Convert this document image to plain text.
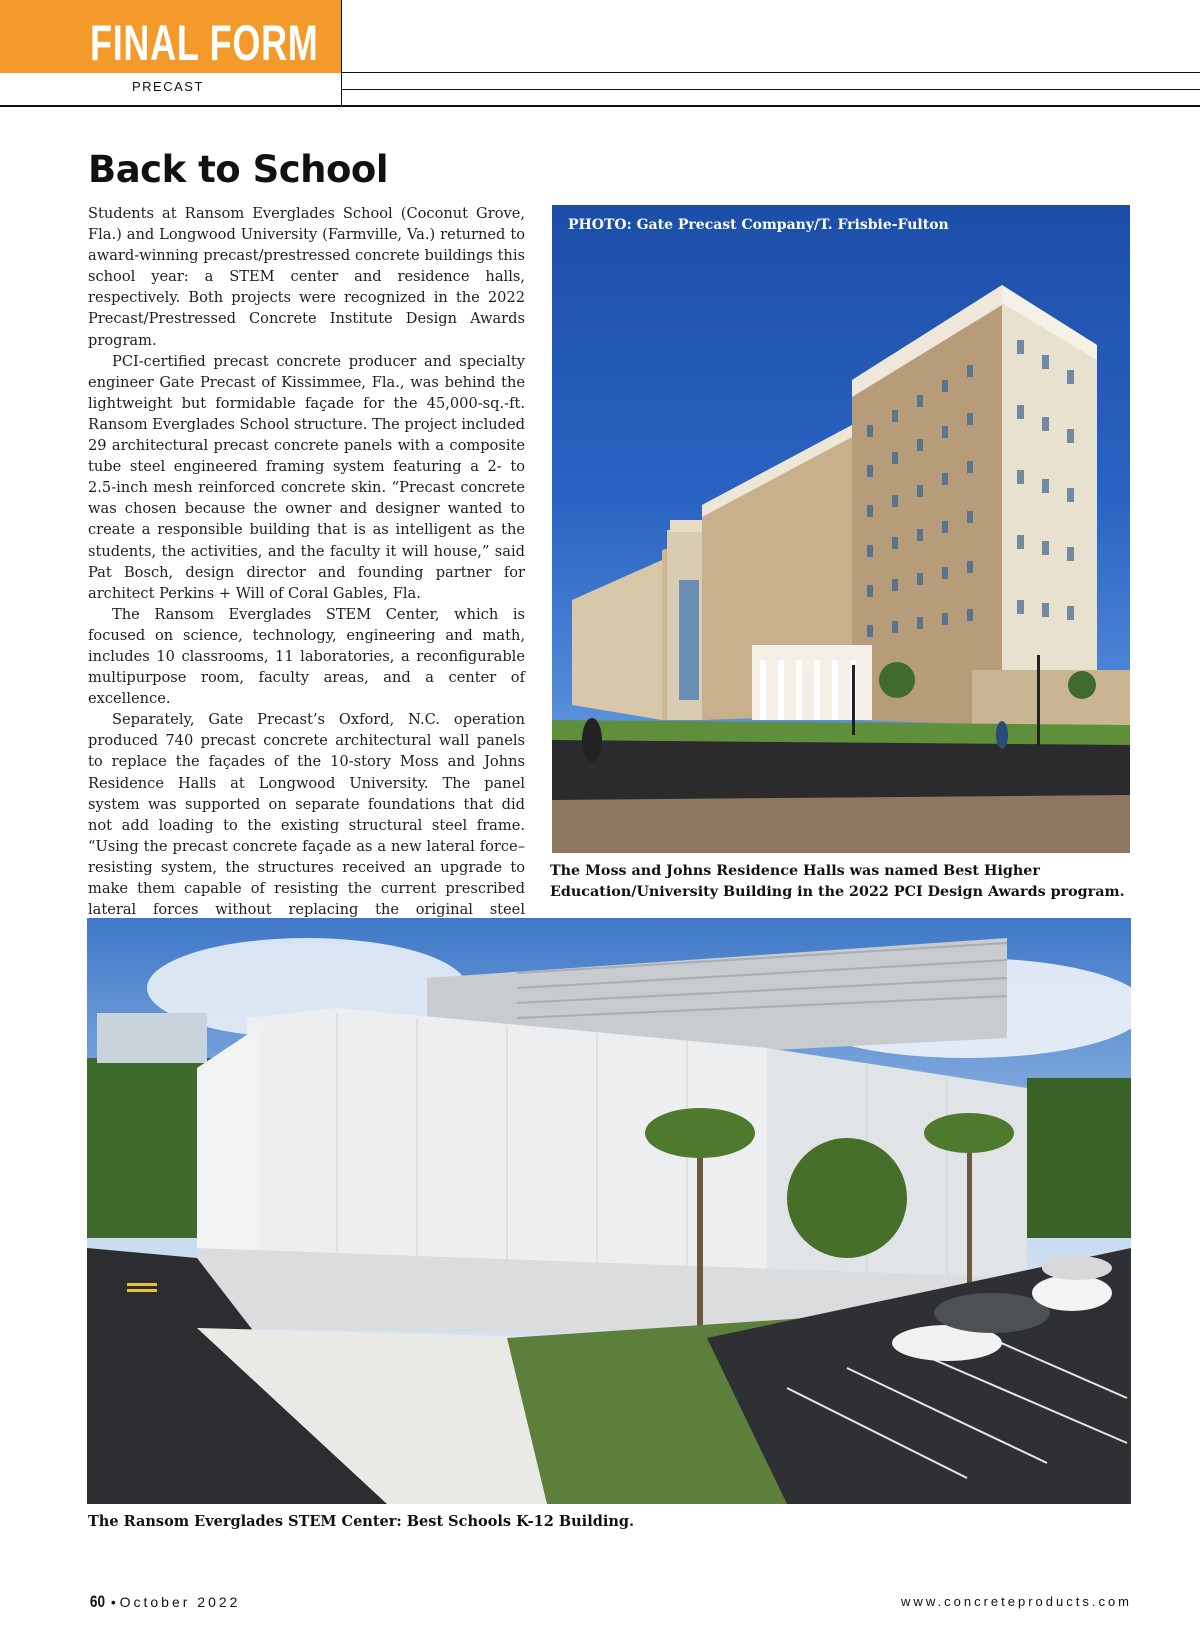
FINAL FORM
PRECAST
Back to School

Students at Ransom Everglades School (Coconut Grove, Fla.) and Longwood University (Farmville, Va.) returned to award-winning precast/prestressed concrete buildings this school year: a STEM center and residence halls, respectively. Both projects were recognized in the 2022 Precast/Prestressed Concrete Institute Design Awards program.

PCI-certified precast concrete producer and specialty engineer Gate Precast of Kissimmee, Fla., was behind the lightweight but formidable façade for the 45,000-sq.-ft. Ransom Everglades School structure. The project included 29 architectural precast concrete panels with a composite tube steel engineered framing system featuring a 2- to 2.5-inch mesh reinforced concrete skin. “Precast concrete was chosen because the owner and designer wanted to create a responsible building that is as intelligent as the students, the activities, and the faculty it will house,” said Pat Bosch, design director and founding partner for architect Perkins + Will of Coral Gables, Fla.

The Ransom Everglades STEM Center, which is focused on science, technology, engineering and math, includes 10 classrooms, 11 laboratories, a reconfigurable multipurpose room, faculty areas, and a center of excellence.

Separately, Gate Precast’s Oxford, N.C. operation produced 740 precast concrete architectural wall panels to replace the façades of the 10-story Moss and Johns Residence Halls at Longwood University. The panel system was supported on separate foundations that did not add loading to the existing structural steel frame. “Using the precast concrete façade as a new lateral force–resisting system, the structures received an upgrade to make them capable of resisting the current prescribed lateral forces without replacing the original steel

PHOTO: Gate Precast Company/T. Frisbie-Fulton
The Moss and Johns Residence Halls was named Best Higher Education/University Building in the 2022 PCI Design Awards program.
The Ransom Everglades STEM Center: Best Schools K-12 Building.
60 • October 2022	www.concreteproducts.com
